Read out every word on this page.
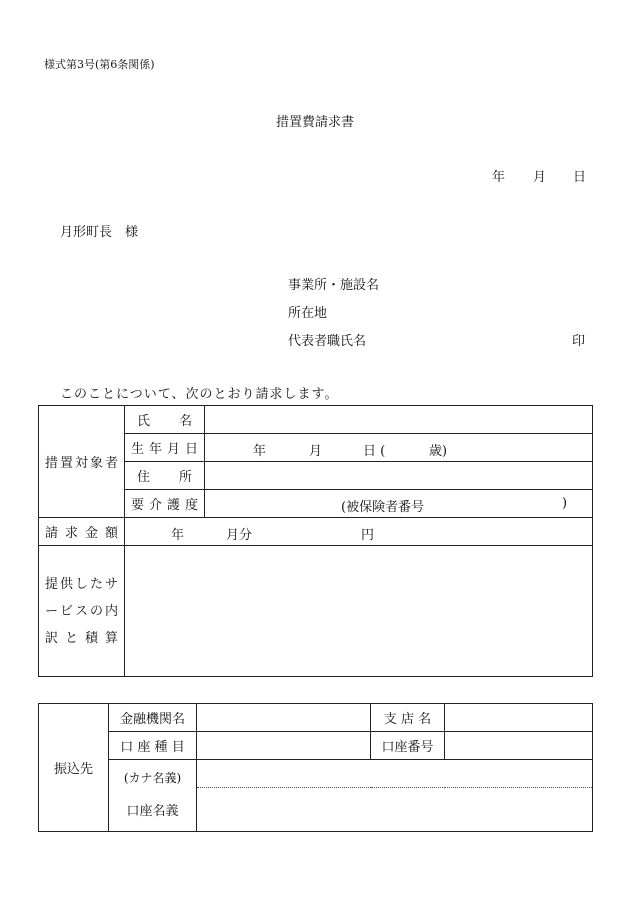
様式第3号(第6条関係)
措置費請求書
年 月 日
月形町長　様
事業所・施設名
所在地
代表者職氏名	印
このことについて、次のとおり請求します。
措置対象者	氏　　名	

	生年月日	年 月 日 ( 歳)

	住　　所	

	要介護度	(被保険者番号 )

請求金額	年 月分 円	

提供したサ
ービスの内
訳 と 積 算		

振込先	金融機関名		支 店 名	
	口 座 種 目		口座番号	
	(カナ名義)			
	口座名義			
